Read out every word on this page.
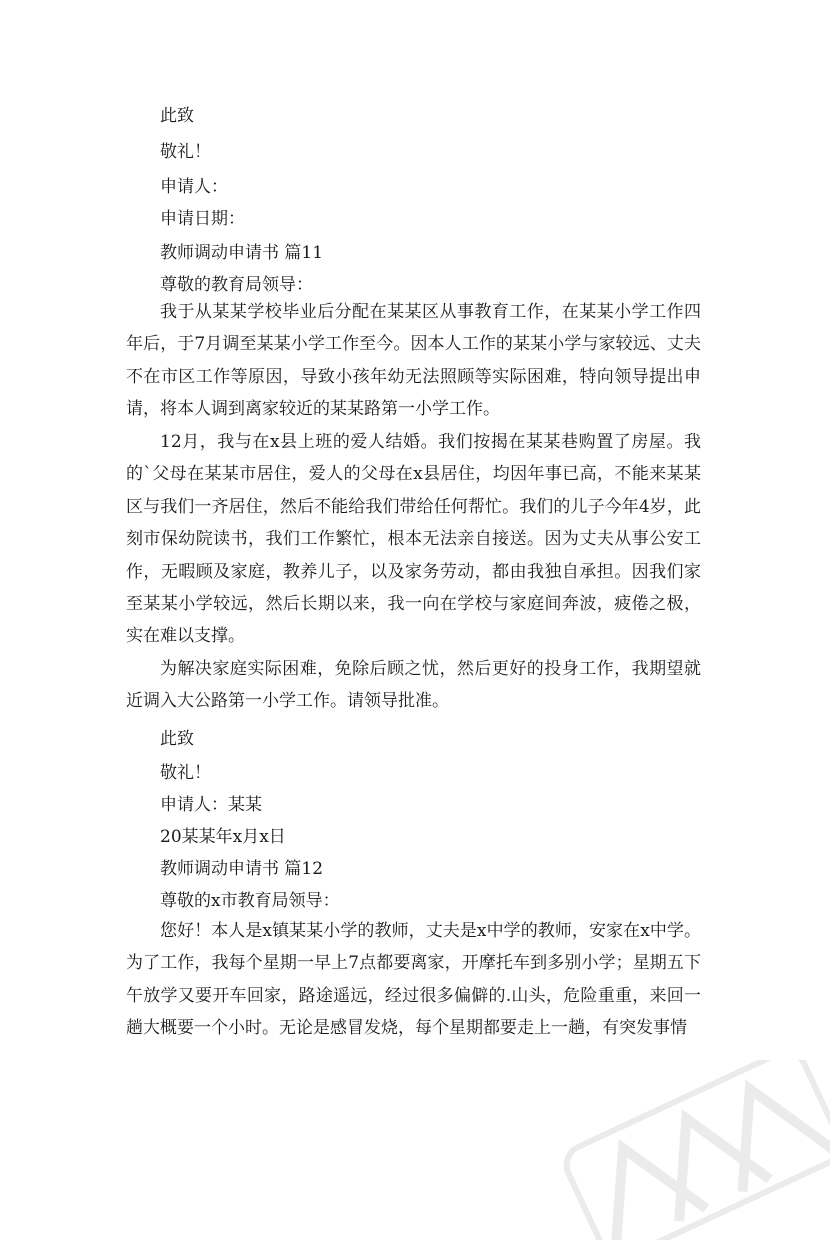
此致
敬礼！
申请人：
申请日期：
教师调动申请书 篇11
尊敬的教育局领导：

我于从某某学校毕业后分配在某某区从事教育工作，在某某小学工作四年后，于7月调至某某小学工作至今。因本人工作的某某小学与家较远、丈夫不在市区工作等原因，导致小孩年幼无法照顾等实际困难，特向领导提出申请，将本人调到离家较近的某某路第一小学工作。

12月，我与在x县上班的爱人结婚。我们按揭在某某巷购置了房屋。我的`父母在某某市居住，爱人的父母在x县居住，均因年事已高，不能来某某区与我们一齐居住，然后不能给我们带给任何帮忙。我们的儿子今年4岁，此刻市保幼院读书，我们工作繁忙，根本无法亲自接送。因为丈夫从事公安工作，无暇顾及家庭，教养儿子，以及家务劳动，都由我独自承担。因我们家至某某小学较远，然后长期以来，我一向在学校与家庭间奔波，疲倦之极，实在难以支撑。

为解决家庭实际困难，免除后顾之忧，然后更好的投身工作，我期望就近调入大公路第一小学工作。请领导批准。

此致
敬礼！
申请人：某某
20某某年x月x日
教师调动申请书 篇12
尊敬的x市教育局领导：

您好！本人是x镇某某小学的教师，丈夫是x中学的教师，安家在x中学。为了工作，我每个星期一早上7点都要离家，开摩托车到多别小学；星期五下午放学又要开车回家，路途遥远，经过很多偏僻的.山头，危险重重，来回一趟大概要一个小时。无论是感冒发烧，每个星期都要走上一趟，有突发事情
